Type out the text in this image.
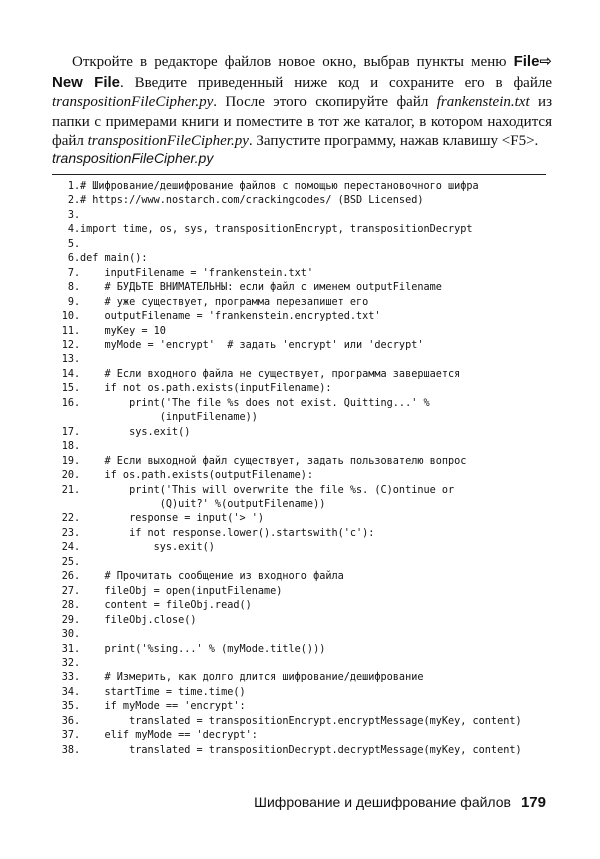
Откройте в редакторе файлов новое окно, выбрав пункты меню File⇨ New File. Введите приведенный ниже код и сохраните его в файле transpositionFileCipher.py. После этого скопируйте файл frankenstein.txt из папки с примерами книги и поместите в тот же каталог, в котором находится файл transpositionFileCipher.py. Запустите программу, нажав клавишу <F5>.
transpositionFileCipher.py
1 . # Шифрование/дешифрование файлов с помощью перестановочного шифра
2 . # https://www.nostarch.com/crackingcodes/ (BSD Licensed)
3 .
4 . import time, os, sys, transpositionEncrypt, transpositionDecrypt
5 .
6 . def main():
7 . inputFilename = 'frankenstein.txt'
8 . # БУДЬТЕ ВНИМАТЕЛЬНЫ: если файл с именем outputFilename
9 . # уже существует, программа перезапишет его
10 . outputFilename = 'frankenstein.encrypted.txt'
11 . myKey = 10
12 . myMode = 'encrypt'  # задать 'encrypt' или 'decrypt'
13 .
14 . # Если входного файла не существует, программа завершается
15 . if not os.path.exists(inputFilename):
16 . print('The file %s does not exist. Quitting...' %
(inputFilename))
17 . sys.exit()
18 .
19 . # Если выходной файл существует, задать пользователю вопрос
20 . if os.path.exists(outputFilename):
21 . print('This will overwrite the file %s. (C)ontinue or
(Q)uit?' %(outputFilename))
22 . response = input('> ')
23 . if not response.lower().startswith('c'):
24 . sys.exit()
25 .
26 . # Прочитать сообщение из входного файла
27 . fileObj = open(inputFilename)
28 . content = fileObj.read()
29 . fileObj.close()
30 .
31 . print('%sing...' % (myMode.title()))
32 .
33 . # Измерить, как долго длится шифрование/дешифрование
34 . startTime = time.time()
35 . if myMode == 'encrypt':
36 . translated = transpositionEncrypt.encryptMessage(myKey, content)
37 . elif myMode == 'decrypt':
38 . translated = transpositionDecrypt.decryptMessage(myKey, content)
Шифрование и дешифрование файлов 179
